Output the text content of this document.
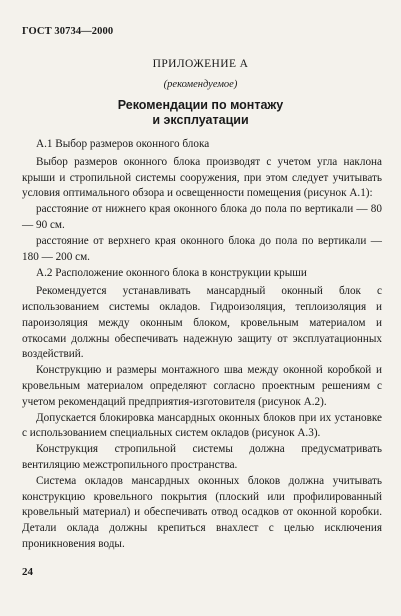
ГОСТ 30734—2000
ПРИЛОЖЕНИЕ А
(рекомендуемое)
Рекомендации по монтажу
и эксплуатации

А.1 Выбор размеров оконного блока

Выбор размеров оконного блока производят с учетом угла наклона крыши и стропильной системы сооружения, при этом следует учитывать условия оптимального обзора и освещенности помещения (рисунок А.1):

расстояние от нижнего края оконного блока до пола по вертикали — 80 — 90 см.

расстояние от верхнего края оконного блока до пола по вертикали — 180 — 200 см.

А.2 Расположение оконного блока в конструкции крыши

Рекомендуется устанавливать мансардный оконный блок с использованием системы окладов. Гидроизоляция, теплоизоляция и пароизоляция между оконным блоком, кровельным материалом и откосами должны обеспечивать надежную защиту от эксплуатационных воздействий.

Конструкцию и размеры монтажного шва между оконной коробкой и кровельным материалом определяют согласно проектным решениям с учетом рекомендаций предприятия-изготовителя (рисунок А.2).

Допускается блокировка мансардных оконных блоков при их установке с использованием специальных систем окладов (рисунок А.3).

Конструкция стропильной системы должна предусматривать вентиляцию межстропильного пространства.

Система окладов мансардных оконных блоков должна учитывать конструкцию кровельного покрытия (плоский или профилированный кровельный материал) и обеспечивать отвод осадков от оконной коробки. Детали оклада должны крепиться внахлест с целью исключения проникновения воды.

24
